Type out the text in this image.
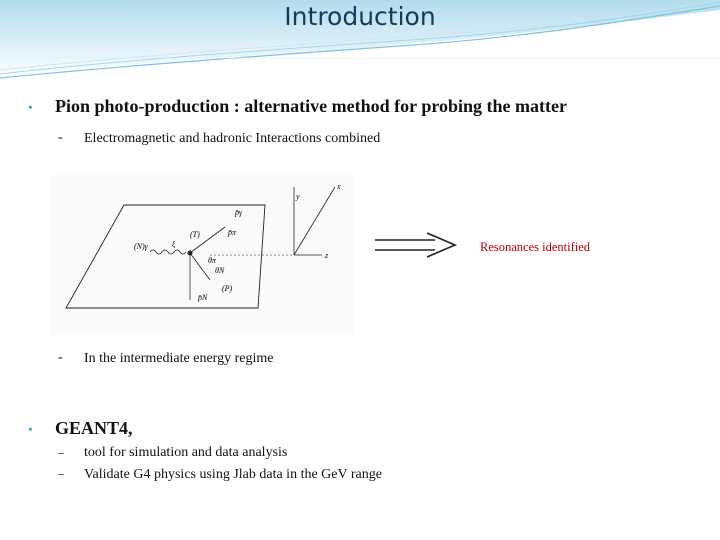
Introduction
• Pion photo-production : alternative method for probing the matter
- Electromagnetic and hadronic Interactions combined
y
x
z
(T)
(P)
(N)γ	ξ
p̄π
θπ
θN
p̄N
p̄γ
Resonances identified
- In the intermediate energy regime
• GEANT4,
– tool for simulation and data analysis
– Validate G4 physics using Jlab data in the GeV range
